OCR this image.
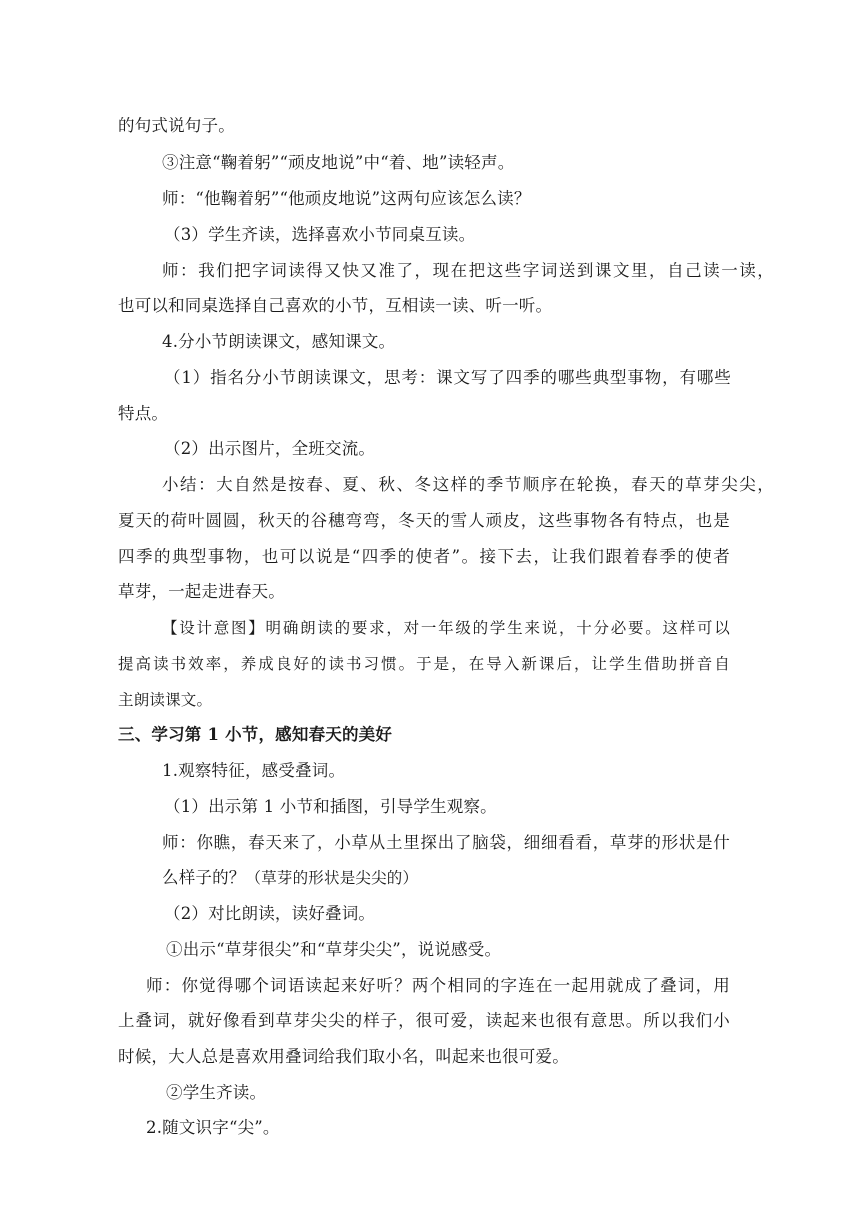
的句式说句子。
③注意“鞠着躬”“顽皮地说”中“着、地”读轻声。
师：“他鞠着躬”“他顽皮地说”这两句应该怎么读？
（3）学生齐读，选择喜欢小节同桌互读。
师：我们把字词读得又快又准了，现在把这些字词送到课文里，自己读一读，
也可以和同桌选择自己喜欢的小节，互相读一读、听一听。
4.分小节朗读课文，感知课文。
（1）指名分小节朗读课文，思考：课文写了四季的哪些典型事物，有哪些
特点。
（2）出示图片，全班交流。
小结：大自然是按春、夏、秋、冬这样的季节顺序在轮换，春天的草芽尖尖，
夏天的荷叶圆圆，秋天的谷穗弯弯，冬天的雪人顽皮，这些事物各有特点，也是
四季的典型事物，也可以说是“四季的使者”。接下去，让我们跟着春季的使者
草芽，一起走进春天。
【设计意图】明确朗读的要求，对一年级的学生来说，十分必要。这样可以
提高读书效率，养成良好的读书习惯。于是，在导入新课后，让学生借助拼音自
主朗读课文。
三、学习第 1 小节，感知春天的美好
1.观察特征，感受叠词。
（1）出示第 1 小节和插图，引导学生观察。
师：你瞧，春天来了，小草从土里探出了脑袋，细细看看，草芽的形状是什
么样子的？（草芽的形状是尖尖的）
（2）对比朗读，读好叠词。
①出示“草芽很尖”和“草芽尖尖”，说说感受。
师：你觉得哪个词语读起来好听？两个相同的字连在一起用就成了叠词，用
上叠词，就好像看到草芽尖尖的样子，很可爱，读起来也很有意思。所以我们小
时候，大人总是喜欢用叠词给我们取小名，叫起来也很可爱。
②学生齐读。
2.随文识字“尖”。
